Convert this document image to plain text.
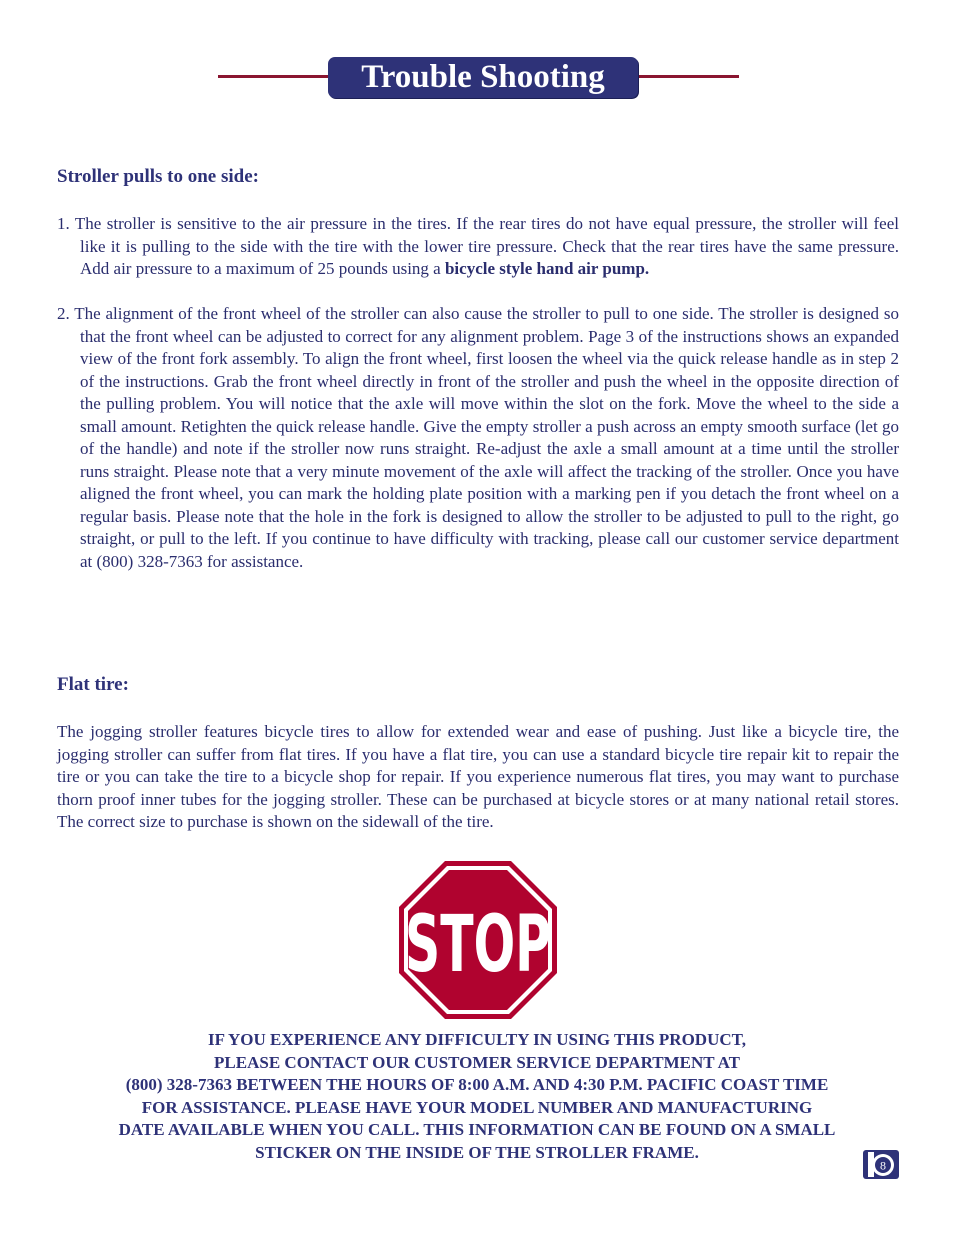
Trouble Shooting
Stroller pulls to one side:
1. The stroller is sensitive to the air pressure in the tires. If the rear tires do not have equal pressure, the stroller will feel like it is pulling to the side with the tire with the lower tire pressure. Check that the rear tires have the same pressure. Add air pressure to a maximum of 25 pounds using a bicycle style hand air pump.
2. The alignment of the front wheel of the stroller can also cause the stroller to pull to one side. The stroller is designed so that the front wheel can be adjusted to correct for any alignment problem. Page 3 of the instructions shows an expanded view of the front fork assembly. To align the front wheel, first loosen the wheel via the quick release handle as in step 2 of the instructions. Grab the front wheel directly in front of the stroller and push the wheel in the opposite direction of the pulling problem. You will notice that the axle will move within the slot on the fork. Move the wheel to the side a small amount. Retighten the quick release handle. Give the empty stroller a push across an empty smooth surface (let go of the handle) and note if the stroller now runs straight. Re-adjust the axle a small amount at a time until the stroller runs straight. Please note that a very minute movement of the axle will affect the tracking of the stroller. Once you have aligned the front wheel, you can mark the holding plate position with a marking pen if you detach the front wheel on a regular basis. Please note that the hole in the fork is designed to allow the stroller to be adjusted to pull to the right, go straight, or pull to the left. If you continue to have difficulty with tracking, please call our customer service department at (800) 328-7363 for assistance.
Flat tire:
The jogging stroller features bicycle tires to allow for extended wear and ease of pushing. Just like a bicycle tire, the jogging stroller can suffer from flat tires. If you have a flat tire, you can use a standard bicycle tire repair kit to repair the tire or you can take the tire to a bicycle shop for repair. If you experience numerous flat tires, you may want to purchase thorn proof inner tubes for the jogging stroller. These can be purchased at bicycle stores or at many national retail stores. The correct size to purchase is shown on the sidewall of the tire.
STOP
IF YOU EXPERIENCE ANY DIFFICULTY IN USING THIS PRODUCT,
PLEASE CONTACT OUR CUSTOMER SERVICE DEPARTMENT AT
(800) 328-7363 BETWEEN THE HOURS OF 8:00 A.M. AND 4:30 P.M. PACIFIC COAST TIME
FOR ASSISTANCE. PLEASE HAVE YOUR MODEL NUMBER AND MANUFACTURING
DATE AVAILABLE WHEN YOU CALL. THIS INFORMATION CAN BE FOUND ON A SMALL
STICKER ON THE INSIDE OF THE STROLLER FRAME.
8
